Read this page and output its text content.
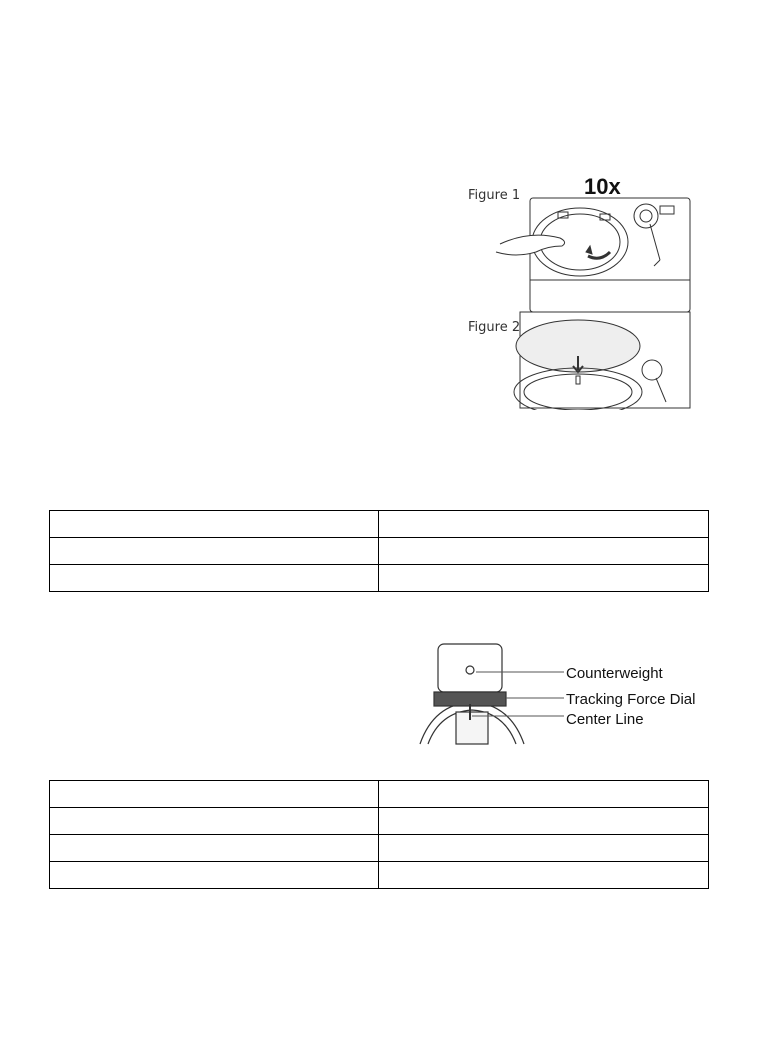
Figure 1	10x
Figure 2

Counterweight
Tracking Force Dial
Center Line
